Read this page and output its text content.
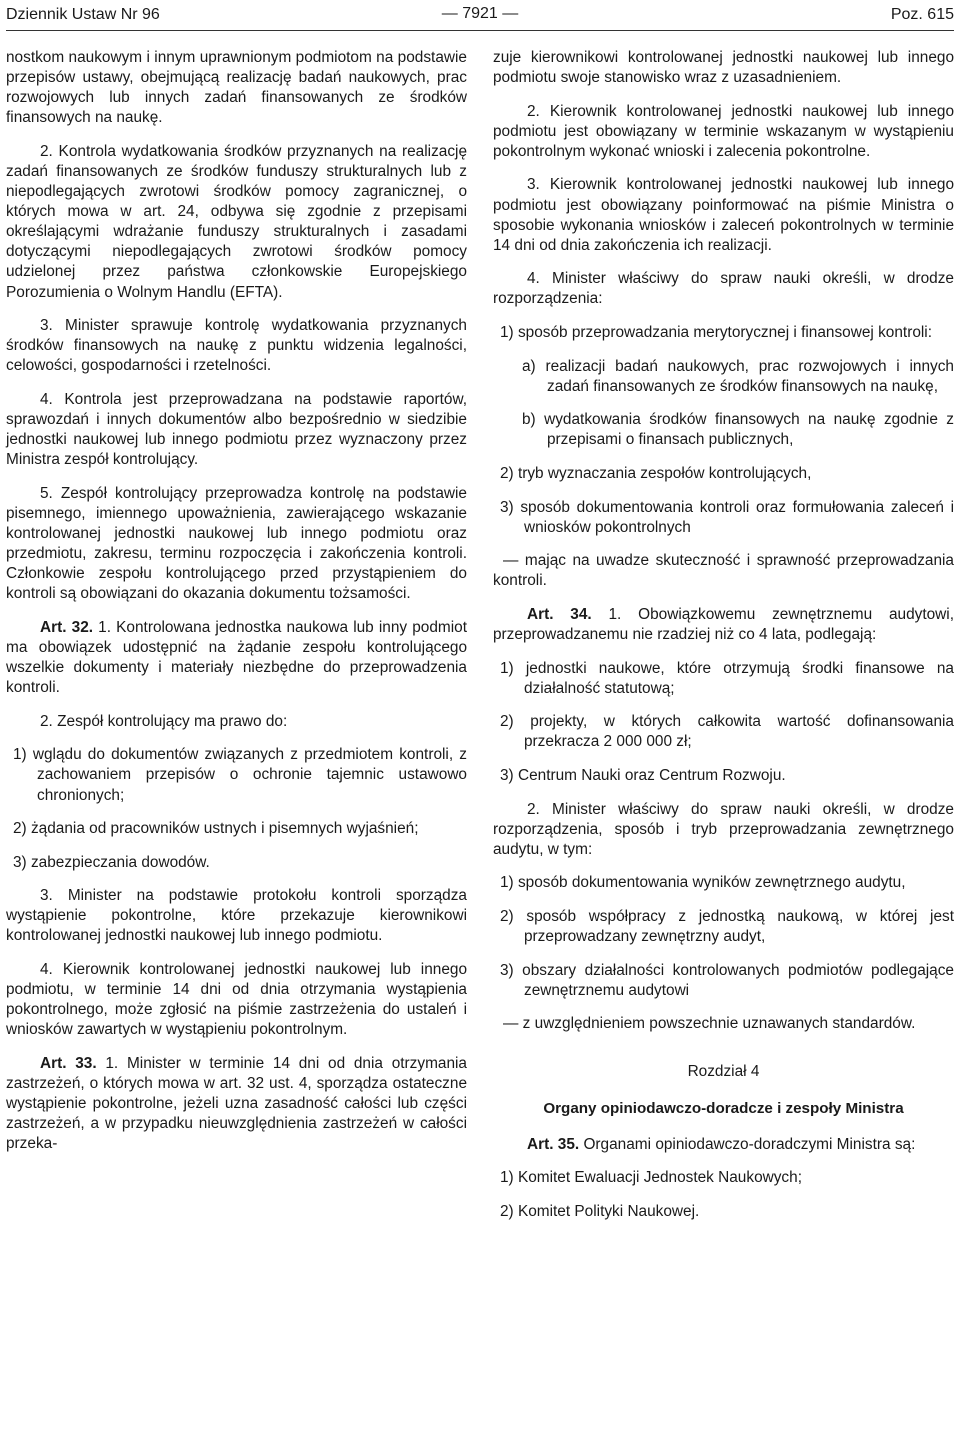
Dziennik Ustaw Nr 96	— 7921 —	Poz. 615

nostkom naukowym i innym uprawnionym podmiotom na podstawie przepisów ustawy, obejmującą realizację badań naukowych, prac rozwojowych lub innych zadań finansowanych ze środków finansowych na naukę.

2. Kontrola wydatkowania środków przyznanych na realizację zadań finansowanych ze środków funduszy strukturalnych lub z niepodlegających zwrotowi środków pomocy zagranicznej, o których mowa w art. 24, odbywa się zgodnie z przepisami określającymi wdrażanie funduszy strukturalnych i zasadami dotyczącymi niepodlegających zwrotowi środków pomocy udzielonej przez państwa członkowskie Europejskiego Porozumienia o Wolnym Handlu (EFTA).

3. Minister sprawuje kontrolę wydatkowania przyznanych środków finansowych na naukę z punktu widzenia legalności, celowości, gospodarności i rzetelności.

4. Kontrola jest przeprowadzana na podstawie raportów, sprawozdań i innych dokumentów albo bezpośrednio w siedzibie jednostki naukowej lub innego podmiotu przez wyznaczony przez Ministra zespół kontrolujący.

5. Zespół kontrolujący przeprowadza kontrolę na podstawie pisemnego, imiennego upoważnienia, zawierającego wskazanie kontrolowanej jednostki naukowej lub innego podmiotu oraz przedmiotu, zakresu, terminu rozpoczęcia i zakończenia kontroli. Członkowie zespołu kontrolującego przed przystąpieniem do kontroli są obowiązani do okazania dokumentu tożsamości.

Art. 32. 1. Kontrolowana jednostka naukowa lub inny podmiot ma obowiązek udostępnić na żądanie zespołu kontrolującego wszelkie dokumenty i materiały niezbędne do przeprowadzenia kontroli.

2. Zespół kontrolujący ma prawo do:

1) wglądu do dokumentów związanych z przedmiotem kontroli, z zachowaniem przepisów o ochronie tajemnic ustawowo chronionych;

2) żądania od pracowników ustnych i pisemnych wyjaśnień;

3) zabezpieczania dowodów.

3. Minister na podstawie protokołu kontroli sporządza wystąpienie pokontrolne, które przekazuje kierownikowi kontrolowanej jednostki naukowej lub innego podmiotu.

4. Kierownik kontrolowanej jednostki naukowej lub innego podmiotu, w terminie 14 dni od dnia otrzymania wystąpienia pokontrolnego, może zgłosić na piśmie zastrzeżenia do ustaleń i wniosków zawartych w wystąpieniu pokontrolnym.

Art. 33. 1. Minister w terminie 14 dni od dnia otrzymania zastrzeżeń, o których mowa w art. 32 ust. 4, sporządza ostateczne wystąpienie pokontrolne, jeżeli uzna zasadność całości lub części zastrzeżeń, a w przypadku nieuwzględnienia zastrzeżeń w całości przeka-

zuje kierownikowi kontrolowanej jednostki naukowej lub innego podmiotu swoje stanowisko wraz z uzasadnieniem.

2. Kierownik kontrolowanej jednostki naukowej lub innego podmiotu jest obowiązany w terminie wskazanym w wystąpieniu pokontrolnym wykonać wnioski i zalecenia pokontrolne.

3. Kierownik kontrolowanej jednostki naukowej lub innego podmiotu jest obowiązany poinformować na piśmie Ministra o sposobie wykonania wniosków i zaleceń pokontrolnych w terminie 14 dni od dnia zakończenia ich realizacji.

4. Minister właściwy do spraw nauki określi, w drodze rozporządzenia:

1) sposób przeprowadzania merytorycznej i finansowej kontroli:

a) realizacji badań naukowych, prac rozwojowych i innych zadań finansowanych ze środków finansowych na naukę,

b) wydatkowania środków finansowych na naukę zgodnie z przepisami o finansach publicznych,

2) tryb wyznaczania zespołów kontrolujących,

3) sposób dokumentowania kontroli oraz formułowania zaleceń i wniosków pokontrolnych

— mając na uwadze skuteczność i sprawność przeprowadzania kontroli.

Art. 34. 1. Obowiązkowemu zewnętrznemu audytowi, przeprowadzanemu nie rzadziej niż co 4 lata, podlegają:

1) jednostki naukowe, które otrzymują środki finansowe na działalność statutową;

2) projekty, w których całkowita wartość dofinansowania przekracza 2 000 000 zł;

3) Centrum Nauki oraz Centrum Rozwoju.

2. Minister właściwy do spraw nauki określi, w drodze rozporządzenia, sposób i tryb przeprowadzania zewnętrznego audytu, w tym:

1) sposób dokumentowania wyników zewnętrznego audytu,

2) sposób współpracy z jednostką naukową, w której jest przeprowadzany zewnętrzny audyt,

3) obszary działalności kontrolowanych podmiotów podlegające zewnętrznemu audytowi

— z uwzględnieniem powszechnie uznawanych standardów.

Rozdział 4

Organy opiniodawczo-doradcze i zespoły Ministra

Art. 35. Organami opiniodawczo-doradczymi Ministra są:

1) Komitet Ewaluacji Jednostek Naukowych;

2) Komitet Polityki Naukowej.
